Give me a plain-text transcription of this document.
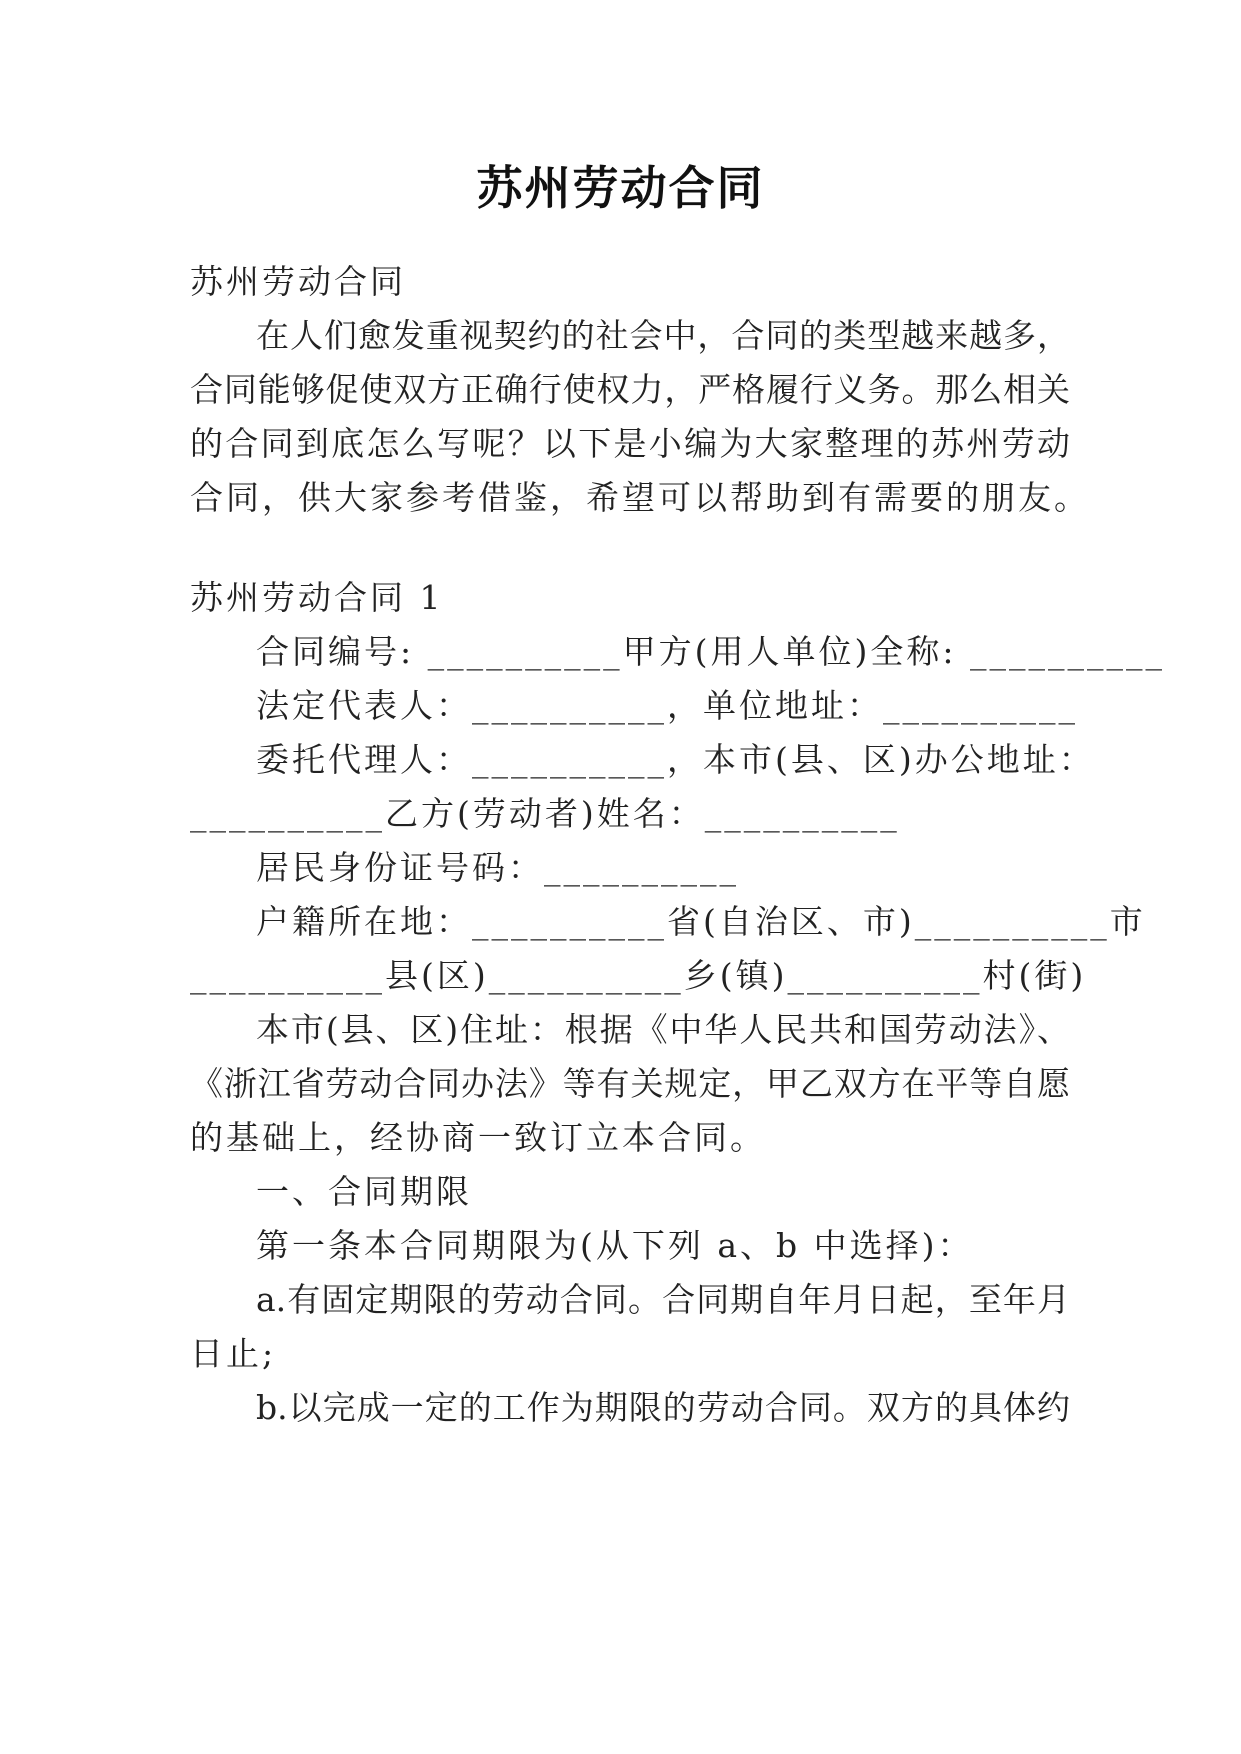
苏州劳动合同
苏州劳动合同
在人们愈发重视契约的社会中，合同的类型越来越多，
合同能够促使双方正确行使权力，严格履行义务。那么相关
的合同到底怎么写呢？以下是小编为大家整理的苏州劳动
合同，供大家参考借鉴，希望可以帮助到有需要的朋友。
苏州劳动合同 1
合同编号: __________甲方(用人单位)全称: __________
法定代表人：__________，单位地址：__________
委托代理人：__________，本市(县、区)办公地址：
__________乙方(劳动者)姓名：__________
居民身份证号码：__________
户籍所在地：__________省(自治区、市)__________市
__________县(区)__________乡(镇)__________村(街)
本市(县、区)住址：根据《中华人民共和国劳动法》、
《浙江省劳动合同办法》等有关规定，甲乙双方在平等自愿
的基础上，经协商一致订立本合同。
一、合同期限
第一条本合同期限为(从下列 a、b 中选择)：
a.有固定期限的劳动合同。合同期自年月日起，至年月
日止;
b.以完成一定的工作为期限的劳动合同。双方的具体约
